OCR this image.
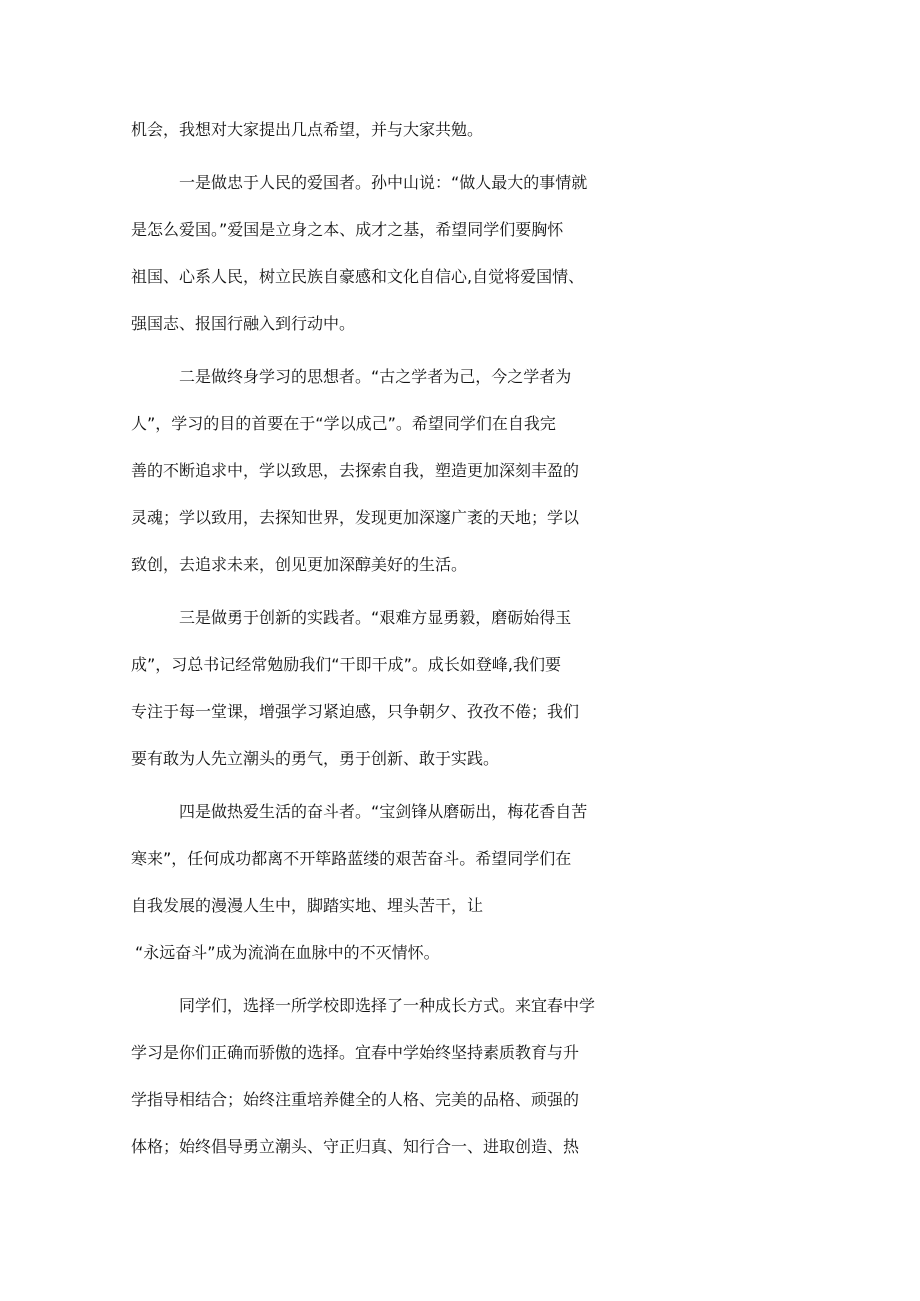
机会，我想对大家提出几点希望，并与大家共勉。
一是做忠于人民的爱国者。孙中山说：“做人最大的事情就
是怎么爱国。”爱国是立身之本、成才之基，希望同学们要胸怀
祖国、心系人民，树立民族自豪感和文化自信心,自觉将爱国情、
强国志、报国行融入到行动中。
二是做终身学习的思想者。“古之学者为己，今之学者为
人”，学习的目的首要在于“学以成己”。希望同学们在自我完
善的不断追求中，学以致思，去探索自我，塑造更加深刻丰盈的
灵魂；学以致用，去探知世界，发现更加深邃广袤的天地；学以
致创，去追求未来，创见更加深醇美好的生活。
三是做勇于创新的实践者。“艰难方显勇毅，磨砺始得玉
成”，习总书记经常勉励我们“干即干成”。成长如登峰,我们要
专注于每一堂课，增强学习紧迫感，只争朝夕、孜孜不倦；我们
要有敢为人先立潮头的勇气，勇于创新、敢于实践。
四是做热爱生活的奋斗者。“宝剑锋从磨砺出，梅花香自苦
寒来”，任何成功都离不开筚路蓝缕的艰苦奋斗。希望同学们在
自我发展的漫漫人生中，脚踏实地、埋头苦干，让
“永远奋斗”成为流淌在血脉中的不灭情怀。
同学们，选择一所学校即选择了一种成长方式。来宜春中学
学习是你们正确而骄傲的选择。宜春中学始终坚持素质教育与升
学指导相结合；始终注重培养健全的人格、完美的品格、顽强的
体格；始终倡导勇立潮头、守正归真、知行合一、进取创造、热
